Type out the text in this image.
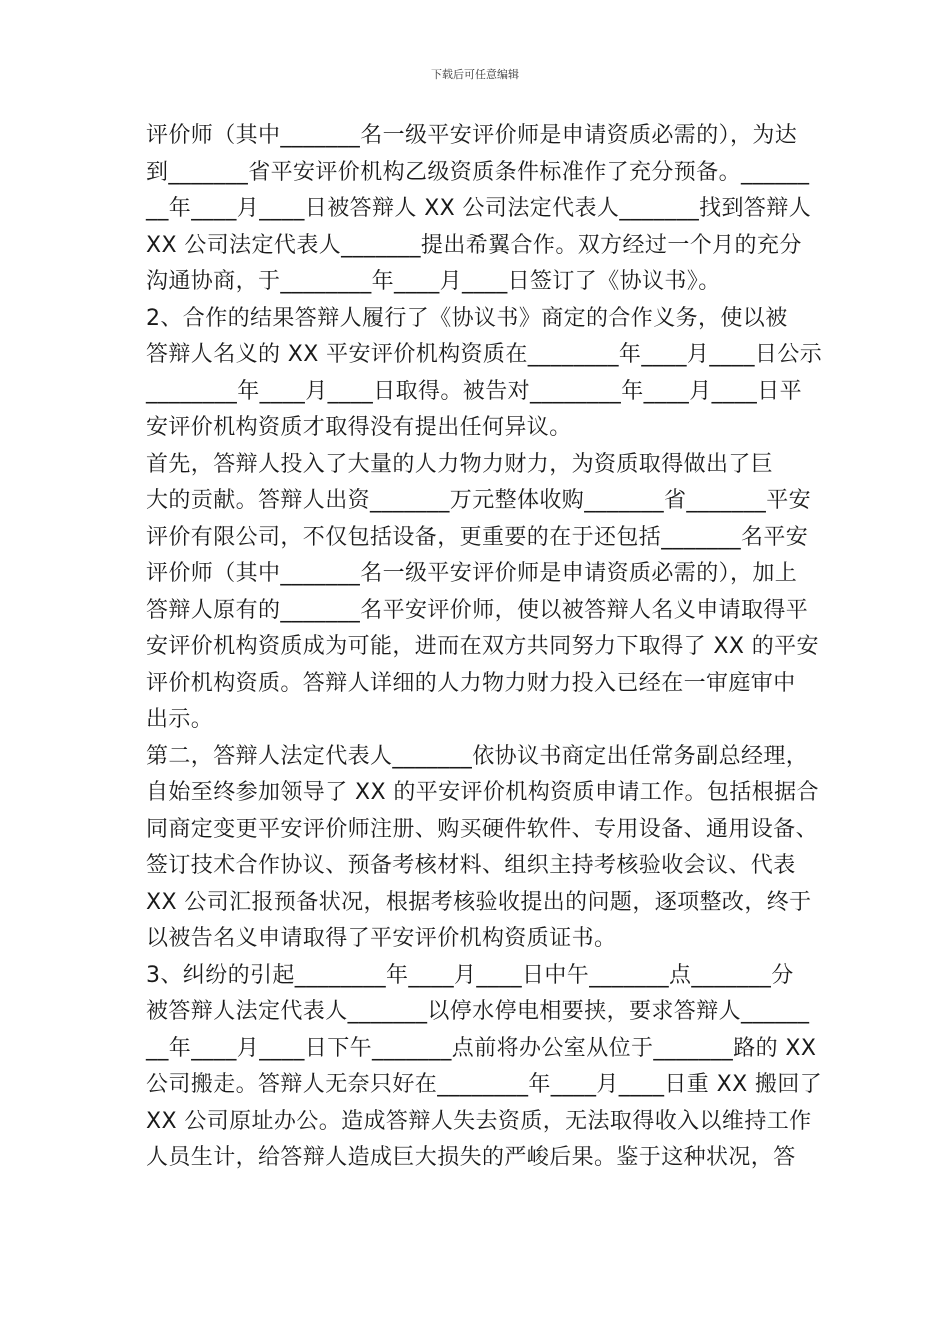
下载后可任意编辑
评价师（其中_______名一级平安评价师是申请资质必需的），为达
到_______省平安评价机构乙级资质条件标准作了充分预备。______
__年____月____日被答辩人 XX 公司法定代表人_______找到答辩人
XX 公司法定代表人_______提出希翼合作。双方经过一个月的充分
沟通协商，于________年____月____日签订了《协议书》。
2、合作的结果答辩人履行了《协议书》商定的合作义务，使以被
答辩人名义的 XX 平安评价机构资质在________年____月____日公示
________年____月____日取得。被告对________年____月____日平
安评价机构资质才取得没有提出任何异议。
首先，答辩人投入了大量的人力物力财力，为资质取得做出了巨
大的贡献。答辩人出资_______万元整体收购_______省_______平安
评价有限公司，不仅包括设备，更重要的在于还包括_______名平安
评价师（其中_______名一级平安评价师是申请资质必需的），加上
答辩人原有的_______名平安评价师，使以被答辩人名义申请取得平
安评价机构资质成为可能，进而在双方共同努力下取得了 XX 的平安
评价机构资质。答辩人详细的人力物力财力投入已经在一审庭审中
出示。
第二，答辩人法定代表人_______依协议书商定出任常务副总经理，
自始至终参加领导了 XX 的平安评价机构资质申请工作。包括根据合
同商定变更平安评价师注册、购买硬件软件、专用设备、通用设备、
签订技术合作协议、预备考核材料、组织主持考核验收会议、代表
XX 公司汇报预备状况，根据考核验收提出的问题，逐项整改，终于
以被告名义申请取得了平安评价机构资质证书。
3、纠纷的引起________年____月____日中午_______点_______分
被答辩人法定代表人_______以停水停电相要挟，要求答辩人______
__年____月____日下午_______点前将办公室从位于_______路的 XX
公司搬走。答辩人无奈只好在________年____月____日重 XX 搬回了
XX 公司原址办公。造成答辩人失去资质，无法取得收入以维持工作
人员生计，给答辩人造成巨大损失的严峻后果。鉴于这种状况，答
